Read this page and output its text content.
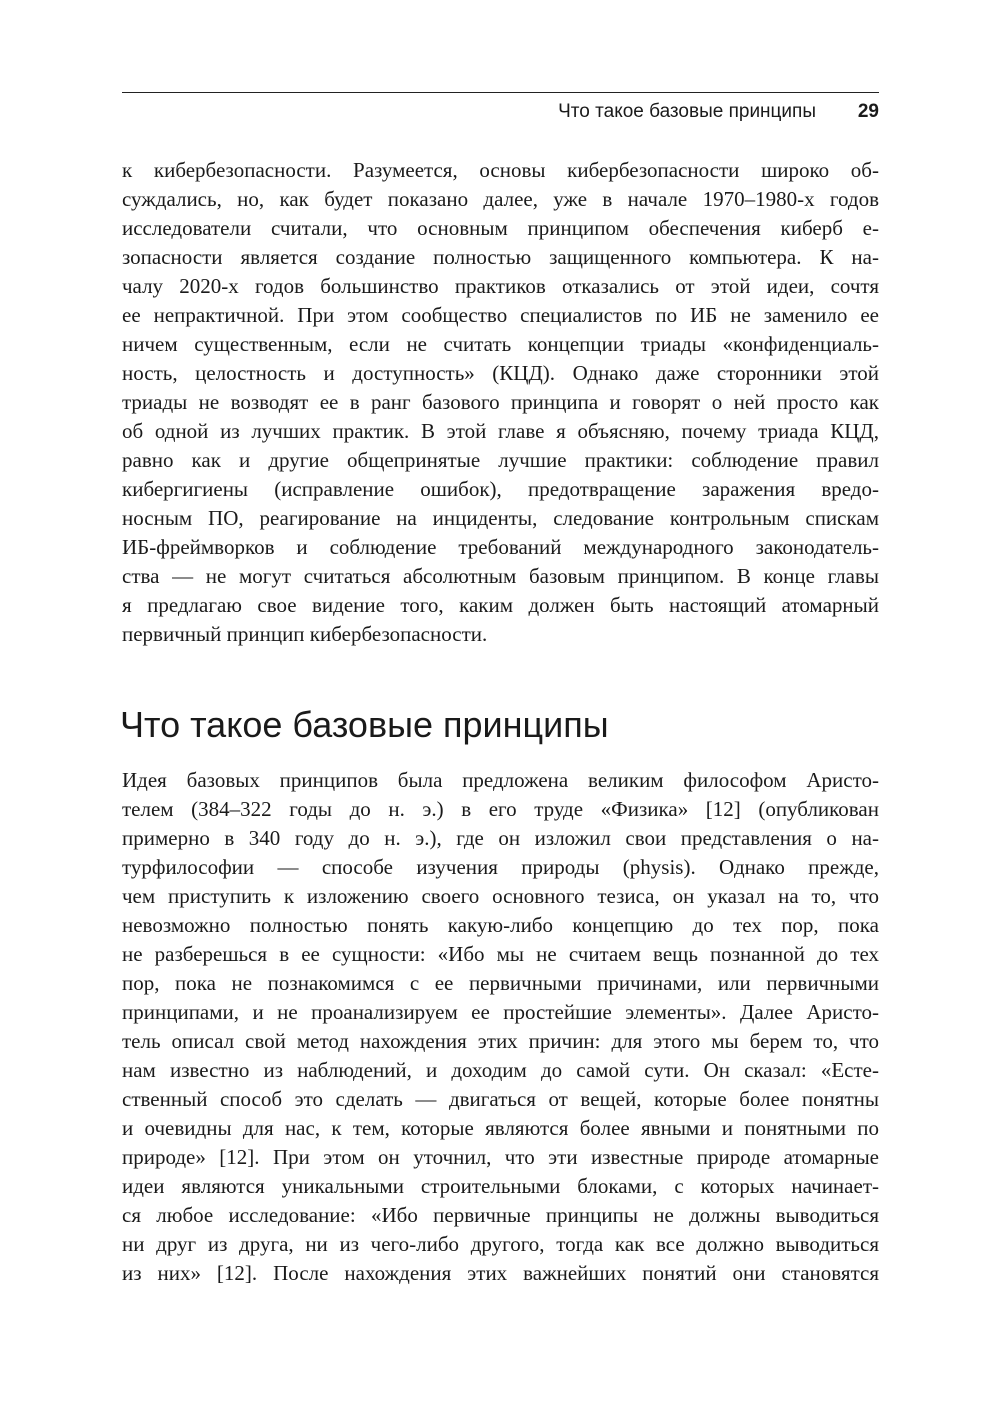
Что такое базовые принципы	29
к кибербезопасности. Разумеется, основы кибербезопасности широко об-
суждались, но, как будет показано далее, уже в начале 1970–1980-х годов
исследователи считали, что основным принципом обеспечения киберб е-
зопасности является создание полностью защищенного компьютера. К на-
чалу 2020-х годов большинство практиков отказались от этой идеи, сочтя
ее непрактичной. При этом сообщество специалистов по ИБ не заменило ее
ничем существенным, если не считать концепции триады «конфиденциаль-
ность, целостность и доступность» (КЦД). Однако даже сторонники этой
триады не возводят ее в ранг базового принципа и говорят о ней просто как
об одной из лучших практик. В этой главе я объясняю, почему триада КЦД,
равно как и другие общепринятые лучшие практики: соблюдение правил
кибергигиены (исправление ошибок), предотвращение заражения вредо-
носным ПО, реагирование на инциденты, следование контрольным спискам
ИБ-фреймворков и соблюдение требований международного законодатель-
ства — не могут считаться абсолютным базовым принципом. В конце главы
я предлагаю свое видение того, каким должен быть настоящий атомарный
первичный принцип кибербезопасности.
Что такое базовые принципы
Идея базовых принципов была предложена великим философом Аристо-
телем (384–322 годы до н. э.) в его труде «Физика» [12] (опубликован
примерно в 340 году до н. э.), где он изложил свои представления о на-
турфилософии — способе изучения природы (physis). Однако прежде,
чем приступить к изложению своего основного тезиса, он указал на то, что
невозможно полностью понять какую-либо концепцию до тех пор, пока
не разберешься в ее сущности: «Ибо мы не считаем вещь познанной до тех
пор, пока не познакомимся с ее первичными причинами, или первичными
принципами, и не проанализируем ее простейшие элементы». Далее Аристо-
тель описал свой метод нахождения этих причин: для этого мы берем то, что
нам известно из наблюдений, и доходим до самой сути. Он сказал: «Есте-
ственный способ это сделать — двигаться от вещей, которые более понятны
и очевидны для нас, к тем, которые являются более явными и понятными по
природе» [12]. При этом он уточнил, что эти известные природе атомарные
идеи являются уникальными строительными блоками, с которых начинает-
ся любое исследование: «Ибо первичные принципы не должны выводиться
ни друг из друга, ни из чего-либо другого, тогда как все должно выводиться
из них» [12]. После нахождения этих важнейших понятий они становятся
